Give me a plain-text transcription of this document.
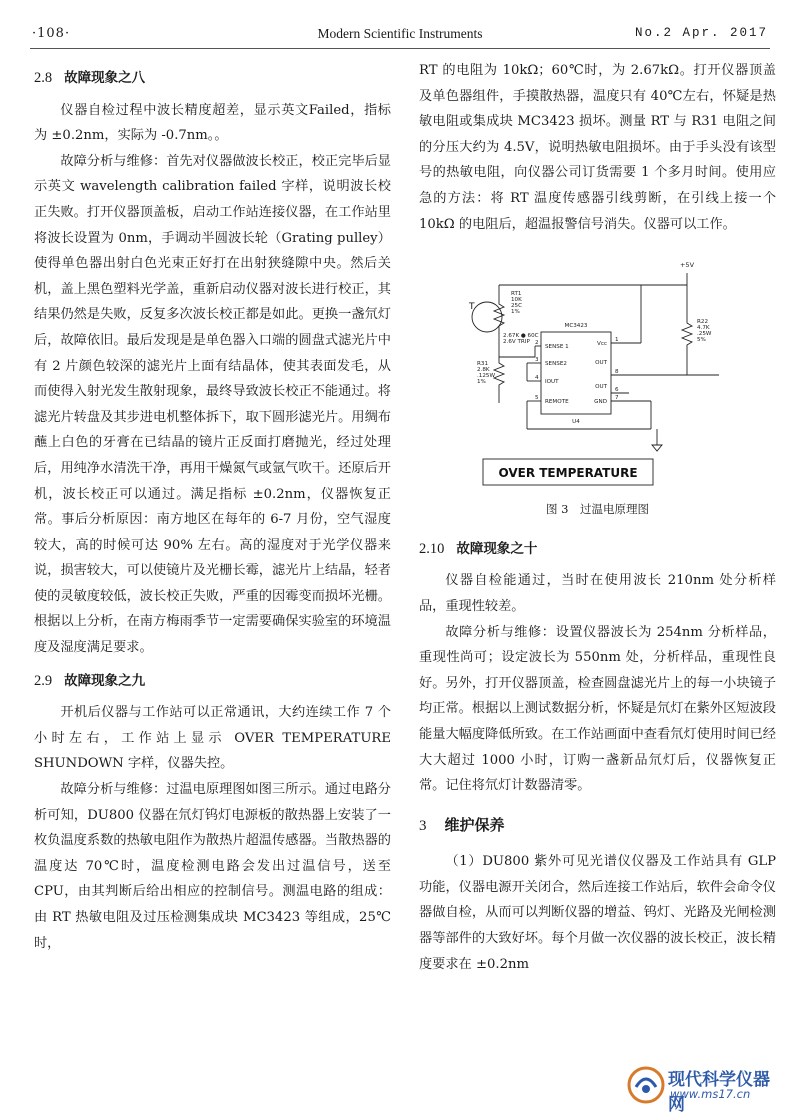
·108·	Modern Scientific Instruments	No.2 Apr. 2017
2.8 故障现象之八

仪器自检过程中波长精度超差，显示英文Failed，指标为 ±0.2nm，实际为 -0.7nm。。

故障分析与维修：首先对仪器做波长校正，校正完毕后显示英文 wavelength calibration failed 字样，说明波长校正失败。打开仪器顶盖板，启动工作站连接仪器，在工作站里将波长设置为 0nm，手调动半圆波长轮（Grating pulley）使得单色器出射白色光束正好打在出射狭缝隙中央。然后关机，盖上黑色塑料光学盖，重新启动仪器对波长进行校正，其结果仍然是失败，反复多次波长校正都是如此。更换一盏氘灯后，故障依旧。最后发现是是单色器入口端的圆盘式滤光片中有 2 片颜色较深的滤光片上面有结晶体，使其表面发毛，从而使得入射光发生散射现象，最终导致波长校正不能通过。将滤光片转盘及其步进电机整体拆下，取下圆形滤光片。用绸布蘸上白色的牙膏在已结晶的镜片正反面打磨抛光，经过处理后，用纯净水清洗干净，再用干燥氮气或氩气吹干。还原后开机，波长校正可以通过。满足指标 ±0.2nm，仪器恢复正常。事后分析原因：南方地区在每年的 6-7 月份，空气湿度较大，高的时候可达 90% 左右。高的湿度对于光学仪器来说，损害较大，可以使镜片及光栅长霉，滤光片上结晶，轻者使的灵敏度较低，波长校正失败，严重的因霉变而损坏光栅。根据以上分析，在南方梅雨季节一定需要确保实验室的环境温度及湿度满足要求。

2.9 故障现象之九

开机后仪器与工作站可以正常通讯，大约连续工作 7 个小时左右，工作站上显示 OVER TEMPERATURE SHUNDOWN 字样，仪器失控。

故障分析与维修：过温电原理图如图三所示。通过电路分析可知，DU800 仪器在氘灯钨灯电源板的散热器上安装了一枚负温度系数的热敏电阻作为散热片超温传感器。当散热器的温度达 70℃时，温度检测电路会发出过温信号，送至 CPU，由其判断后给出相应的控制信号。测温电路的组成：由 RT 热敏电阻及过压检测集成块 MC3423 等组成，25℃时，

RT 的电阻为 10kΩ；60℃时，为 2.67kΩ。打开仪器顶盖及单色器组件，手摸散热器，温度只有 40℃左右，怀疑是热敏电阻或集成块 MC3423 损坏。测量 RT 与 R31 电阻之间的分压大约为 4.5V，说明热敏电阻损坏。由于手头没有该型号的热敏电阻，向仪器公司订货需要 1 个多月时间。使用应急的方法：将 RT 温度传感器引线剪断，在引线上接一个 10kΩ 的电阻后，超温报警信号消失。仪器可以工作。

+5V
T
RT1
10K
25C
1%
2.67K ● 60C
2.6V TRIP
R31
2.8K
.125W
1%
R22
4.7K
.25W
5%
MC3423
U4
SENSE 1
SENSE2
IOUT
REMOTE
Vcc
OUT
OUT
GND
2
3
4
5
1
8
6
7
OVER TEMPERATURE
图 3　过温电原理图
2.10 故障现象之十

仪器自检能通过，当时在使用波长 210nm 处分析样品，重现性较差。

故障分析与维修：设置仪器波长为 254nm 分析样品，重现性尚可；设定波长为 550nm 处，分析样品，重现性良好。另外，打开仪器顶盖，检查圆盘滤光片上的每一小块镜子均正常。根据以上测试数据分析，怀疑是氘灯在紫外区短波段能量大幅度降低所致。在工作站画面中查看氘灯使用时间已经大大超过 1000 小时，订购一盏新品氘灯后，仪器恢复正常。记住将氘灯计数器清零。

3 维护保养

（1）DU800 紫外可见光谱仪仪器及工作站具有 GLP 功能，仪器电源开关闭合，然后连接工作站后，软件会命令仪器做自检，从而可以判断仪器的增益、钨灯、光路及光闸检测器等部件的大致好坏。每个月做一次仪器的波长校正，波长精度要求在 ±0.2nm

现代科学仪器网
www.ms17.cn
